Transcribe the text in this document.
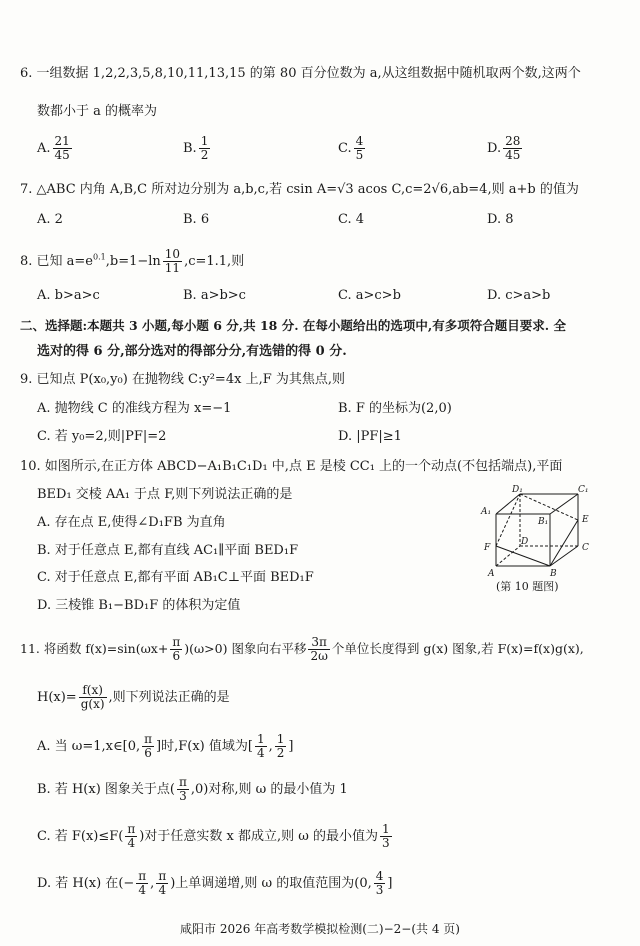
6. 一组数据 1,2,2,3,5,8,10,11,13,15 的第 80 百分位数为 a,从这组数据中随机取两个数,这两个
数都小于 a 的概率为
A. $\frac{21}{45}$	B. $\frac{1}{2}$	C. $\frac{4}{5}$	D. $\frac{28}{45}$
7. △ABC 内角 A,B,C 所对边分别为 a,b,c,若 csin A=√3 acos C,c=2√6,ab=4,则 a+b 的值为
A. 2	B. 6	C. 4	D. 8
8. 已知 $a=e^{0.1},b=1-\ln \frac{10}{11} ,c=1.1$,则
A. b>a>c	B. a>b>c	C. a>c>b	D. c>a>b
二、选择题:本题共 3 小题,每小题 6 分,共 18 分. 在每小题给出的选项中,有多项符合题目要求. 全
选对的得 6 分,部分选对的得部分分,有选错的得 0 分.
9. 已知点 P(x₀,y₀) 在抛物线 C:y²=4x 上,F 为其焦点,则
A. 抛物线 C 的准线方程为 x=−1	B. F 的坐标为(2,0)
C. 若 y₀=2,则|PF|=2	D. |PF|≥1
10. 如图所示,在正方体 ABCD−A₁B₁C₁D₁ 中,点 E 是棱 CC₁ 上的一个动点(不包括端点),平面
BED₁ 交棱 AA₁ 于点 F,则下列说法正确的是
A. 存在点 E,使得∠D₁FB 为直角
B. 对于任意点 E,都有直线 AC₁∥平面 BED₁F
C. 对于任意点 E,都有平面 AB₁C⊥平面 BED₁F
D. 三棱锥 B₁−BD₁F 的体积为定值
D₁	C₁
A₁
B₁	E
F
D
C
A	B
(第 10 题图)
11. 将函数 $f(x)=\sin(\omega x+ \frac{\pi}{6} )(\omega>0)$ 图象向右平移 $\frac{3\pi}{2\omega}$ 个单位长度得到 g(x) 图象,若 F(x)=f(x)g(x),
$H(x)= \frac{f(x)}{g(x)}$ ,则下列说法正确的是
A. 当 ω=1,x∈[0, $\frac{\pi}{6}$ ]时,F(x) 值域为[ $\frac{1}{4}$ , $\frac{1}{2}$ ]
B. 若 H(x) 图象关于点( $\frac{\pi}{3} ,0$)对称,则 ω 的最小值为 1
C. 若 $F(x)\le F( \frac{\pi}{4}$ )对于任意实数 x 都成立,则 ω 的最小值为 $\frac{1}{3}$
D. 若 H(x) 在(− $\frac{\pi}{4}$ , $\frac{\pi}{4}$ )上单调递增,则 ω 的取值范围为(0, $\frac{4}{3}$ ]
咸阳市 2026 年高考数学模拟检测(二)−2−(共 4 页)
